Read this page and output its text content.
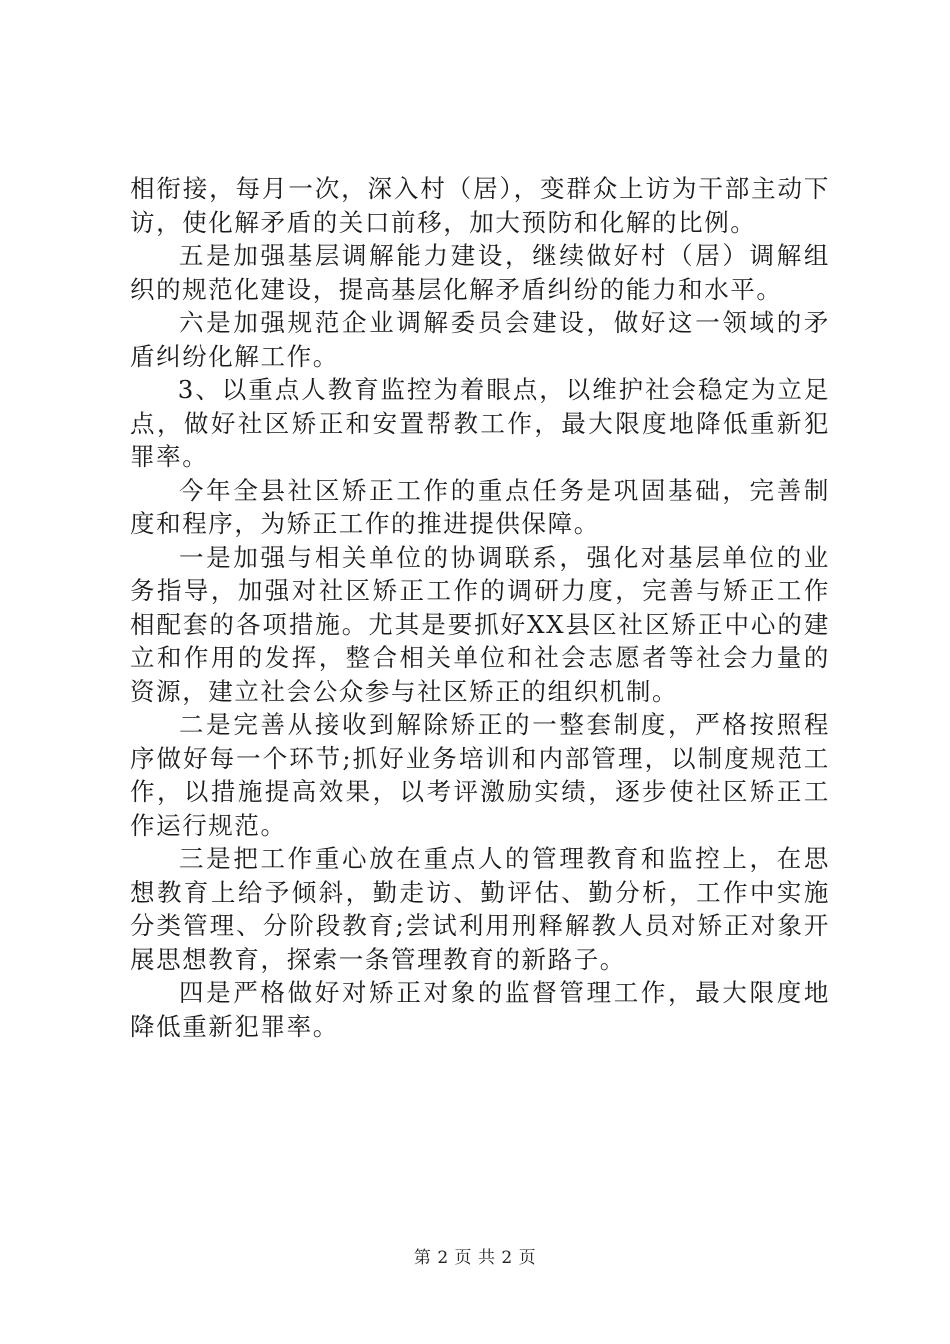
相衔接，每月一次，深入村（居），变群众上访为干部主动下访，使化解矛盾的关口前移，加大预防和化解的比例。

五是加强基层调解能力建设，继续做好村（居）调解组织的规范化建设，提高基层化解矛盾纠纷的能力和水平。

六是加强规范企业调解委员会建设，做好这一领域的矛盾纠纷化解工作。

3、以重点人教育监控为着眼点，以维护社会稳定为立足点，做好社区矫正和安置帮教工作，最大限度地降低重新犯罪率。

今年全县社区矫正工作的重点任务是巩固基础，完善制度和程序，为矫正工作的推进提供保障。

一是加强与相关单位的协调联系，强化对基层单位的业务指导，加强对社区矫正工作的调研力度，完善与矫正工作相配套的各项措施。尤其是要抓好XX县区社区矫正中心的建立和作用的发挥，整合相关单位和社会志愿者等社会力量的资源，建立社会公众参与社区矫正的组织机制。

二是完善从接收到解除矫正的一整套制度，严格按照程序做好每一个环节;抓好业务培训和内部管理，以制度规范工作，以措施提高效果，以考评激励实绩，逐步使社区矫正工作运行规范。

三是把工作重心放在重点人的管理教育和监控上，在思想教育上给予倾斜，勤走访、勤评估、勤分析，工作中实施分类管理、分阶段教育;尝试利用刑释解教人员对矫正对象开展思想教育，探索一条管理教育的新路子。

四是严格做好对矫正对象的监督管理工作，最大限度地降低重新犯罪率。

第 2 页 共 2 页
